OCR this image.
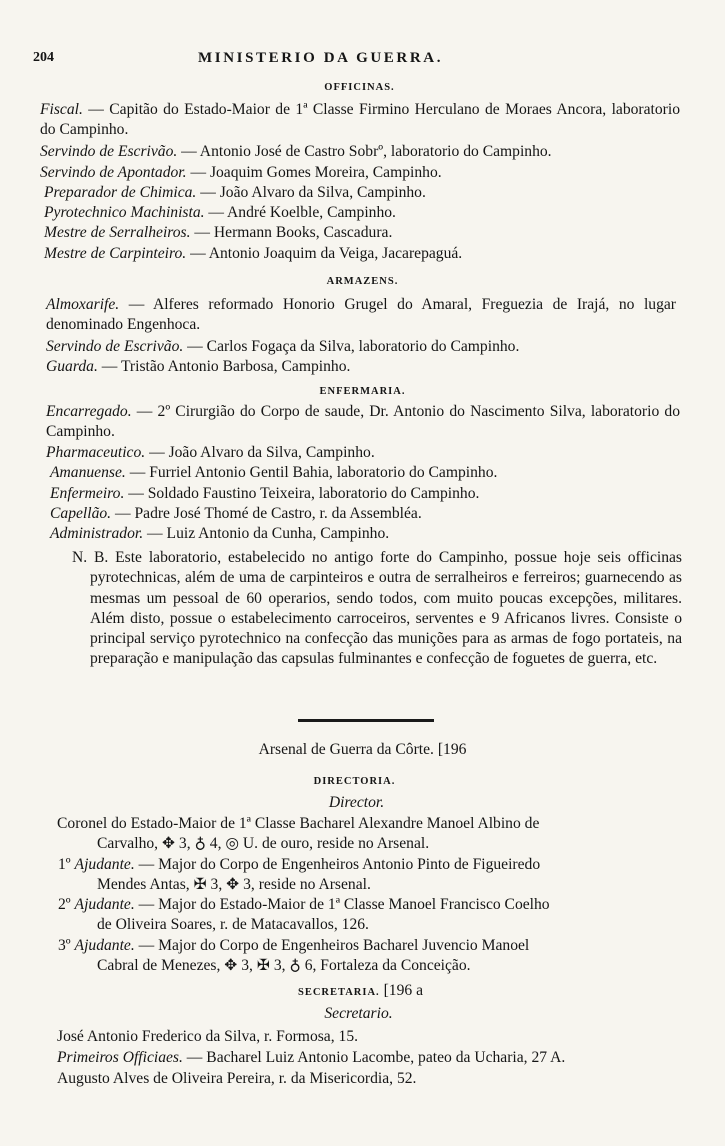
204	MINISTERIO DA GUERRA.
OFFICINAS.
Fiscal. — Capitão do Estado-Maior de 1ª Classe Firmino Herculano de Moraes Ancora, laboratorio do Campinho.
Servindo de Escrivão. — Antonio José de Castro Sobrº, laboratorio do Campinho.
Servindo de Apontador. — Joaquim Gomes Moreira, Campinho.
Preparador de Chimica. — João Alvaro da Silva, Campinho.
Pyrotechnico Machinista. — André Koelble, Campinho.
Mestre de Serralheiros. — Hermann Books, Cascadura.
Mestre de Carpinteiro. — Antonio Joaquim da Veiga, Jacarepaguá.
ARMAZENS.
Almoxarife. — Alferes reformado Honorio Grugel do Amaral, Freguezia de Irajá, no lugar denominado Engenhoca.
Servindo de Escrivão. — Carlos Fogaça da Silva, laboratorio do Campinho.
Guarda. — Tristão Antonio Barbosa, Campinho.
ENFERMARIA.
Encarregado. — 2º Cirurgião do Corpo de saude, Dr. Antonio do Nascimento Silva, laboratorio do Campinho.
Pharmaceutico. — João Alvaro da Silva, Campinho.
Amanuense. — Furriel Antonio Gentil Bahia, laboratorio do Campinho.
Enfermeiro. — Soldado Faustino Teixeira, laboratorio do Campinho.
Capellão. — Padre José Thomé de Castro, r. da Assembléa.
Administrador. — Luiz Antonio da Cunha, Campinho.
N. B. Este laboratorio, estabelecido no antigo forte do Campinho, possue hoje seis officinas pyrotechnicas, além de uma de carpinteiros e outra de serralheiros e ferreiros; guarnecendo as mesmas um pessoal de 60 operarios, sendo todos, com muito poucas excepções, militares. Além disto, possue o estabelecimento carroceiros, serventes e 9 Africanos livres. Consiste o principal serviço pyrotechnico na confecção das munições para as armas de fogo portateis, na preparação e manipulação das capsulas fulminantes e confecção de foguetes de guerra, etc.
Arsenal de Guerra da Côrte. [196
DIRECTORIA.
Director.
Coronel do Estado-Maior de 1ª Classe Bacharel Alexandre Manoel Albino de
Carvalho, ✥ 3, ♁ 4, ◎ U. de ouro, reside no Arsenal.
1º Ajudante. — Major do Corpo de Engenheiros Antonio Pinto de Figueiredo
Mendes Antas, ✠ 3, ✥ 3, reside no Arsenal.
2º Ajudante. — Major do Estado-Maior de 1ª Classe Manoel Francisco Coelho
de Oliveira Soares, r. de Matacavallos, 126.
3º Ajudante. — Major do Corpo de Engenheiros Bacharel Juvencio Manoel
Cabral de Menezes, ✥ 3, ✠ 3, ♁ 6, Fortaleza da Conceição.
SECRETARIA. [196 a
Secretario.
José Antonio Frederico da Silva, r. Formosa, 15.
Primeiros Officiaes. — Bacharel Luiz Antonio Lacombe, pateo da Ucharia, 27 A.
Augusto Alves de Oliveira Pereira, r. da Misericordia, 52.
